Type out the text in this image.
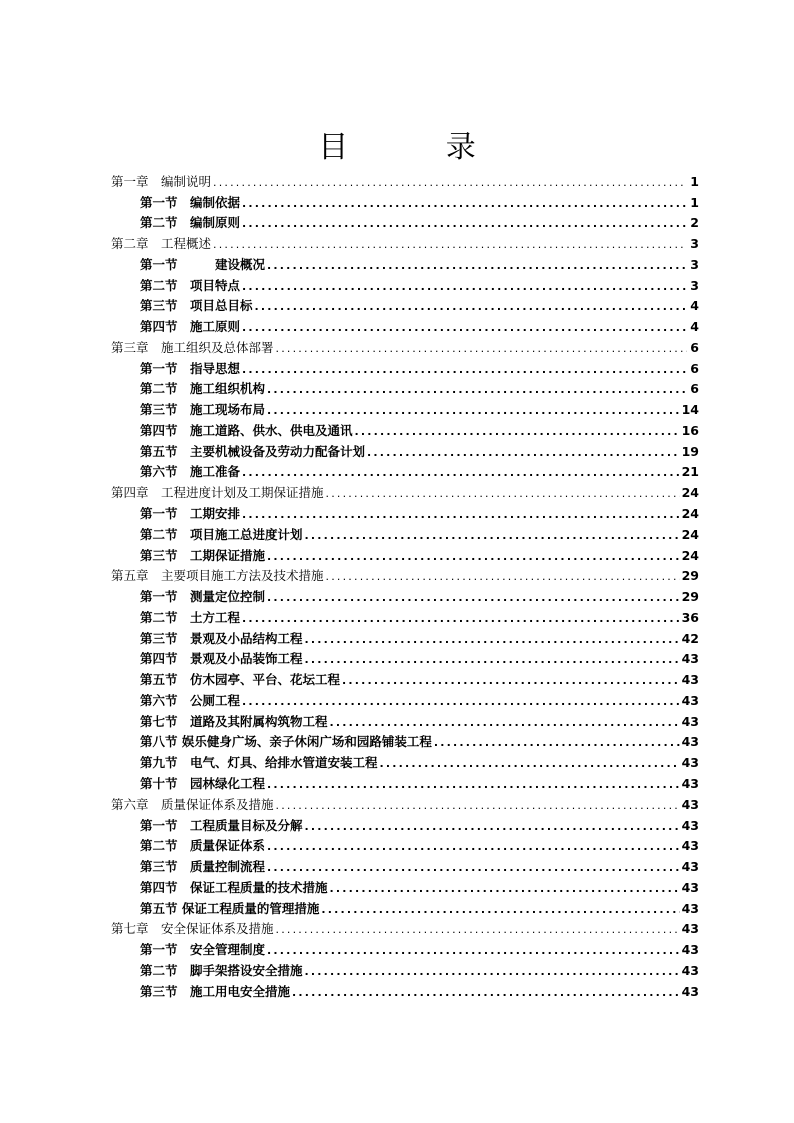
目 录
第一章　编制说明 .....	1
第一节　编制依据 .....	1
第二节　编制原则 .....	2
第二章　工程概述 .....	3
第一节　　　建设概况 .....	3
第二节　项目特点 .....	3
第三节　项目总目标 .....	4
第四节　施工原则 .....	4
第三章　施工组织及总体部署 .....	6
第一节　指导思想 .....	6
第二节　施工组织机构 .....	6
第三节　施工现场布局 .....	14
第四节　施工道路、供水、供电及通讯 .....	16
第五节　主要机械设备及劳动力配备计划 .....	19
第六节　施工准备 .....	21
第四章　工程进度计划及工期保证措施 .....	24
第一节　工期安排 .....	24
第二节　项目施工总进度计划 .....	24
第三节　工期保证措施 .....	24
第五章　主要项目施工方法及技术措施 .....	29
第一节　测量定位控制 .....	29
第二节　土方工程 .....	36
第三节　景观及小品结构工程 .....	42
第四节　景观及小品装饰工程 .....	43
第五节　仿木园亭、平台、花坛工程 .....	43
第六节　公厕工程 .....	43
第七节　道路及其附属构筑物工程 .....	43
第八节 娱乐健身广场、亲子休闲广场和园路铺装工程 .....	43
第九节　电气、灯具、给排水管道安装工程 .....	43
第十节　园林绿化工程 .....	43
第六章　质量保证体系及措施 .....	43
第一节　工程质量目标及分解 .....	43
第二节　质量保证体系 .....	43
第三节　质量控制流程 .....	43
第四节　保证工程质量的技术措施 .....	43
第五节 保证工程质量的管理措施 .....	43
第七章　安全保证体系及措施 .....	43
第一节　安全管理制度 .....	43
第二节　脚手架搭设安全措施 .....	43
第三节　施工用电安全措施 .....	43
